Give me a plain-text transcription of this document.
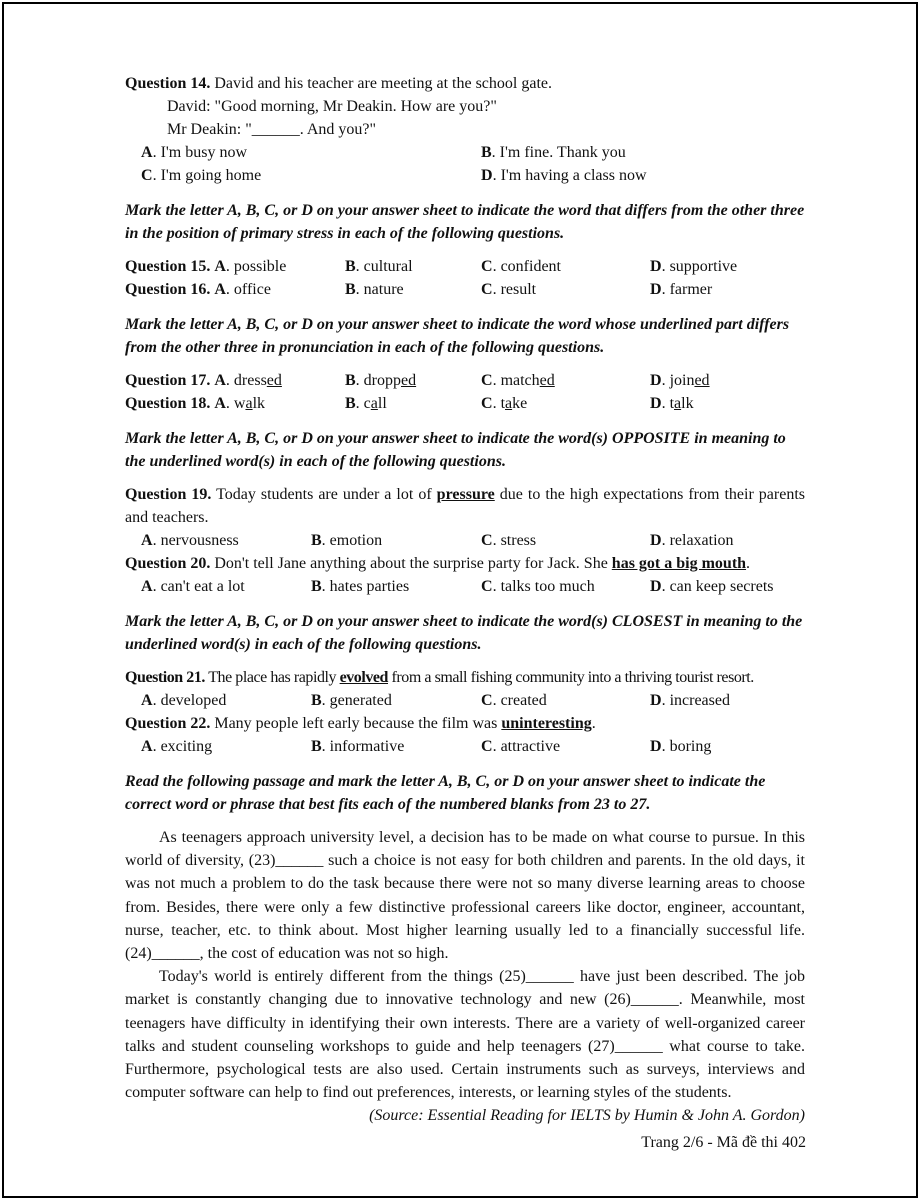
Question 14. David and his teacher are meeting at the school gate.
David: "Good morning, Mr Deakin. How are you?"
Mr Deakin: "______. And you?"
A. I'm busy now	B. I'm fine. Thank you
C. I'm going home	D. I'm having a class now
Mark the letter A, B, C, or D on your answer sheet to indicate the word that differs from the other three in the position of primary stress in each of the following questions.
Question 15. A. possible	B. cultural	C. confident	D. supportive
Question 16. A. office	B. nature	C. result	D. farmer
Mark the letter A, B, C, or D on your answer sheet to indicate the word whose underlined part differs from the other three in pronunciation in each of the following questions.
Question 17. A. dressed	B. dropped	C. matched	D. joined
Question 18. A. walk	B. call	C. take	D. talk
Mark the letter A, B, C, or D on your answer sheet to indicate the word(s) OPPOSITE in meaning to the underlined word(s) in each of the following questions.
Question 19. Today students are under a lot of pressure due to the high expectations from their parents and teachers.
A. nervousness	B. emotion	C. stress	D. relaxation
Question 20. Don't tell Jane anything about the surprise party for Jack. She has got a big mouth.
A. can't eat a lot	B. hates parties	C. talks too much	D. can keep secrets
Mark the letter A, B, C, or D on your answer sheet to indicate the word(s) CLOSEST in meaning to the underlined word(s) in each of the following questions.
Question 21. The place has rapidly evolved from a small fishing community into a thriving tourist resort.
A. developed	B. generated	C. created	D. increased
Question 22. Many people left early because the film was uninteresting.
A. exciting	B. informative	C. attractive	D. boring
Read the following passage and mark the letter A, B, C, or D on your answer sheet to indicate the correct word or phrase that best fits each of the numbered blanks from 23 to 27.

As teenagers approach university level, a decision has to be made on what course to pursue. In this world of diversity, (23)______ such a choice is not easy for both children and parents. In the old days, it was not much a problem to do the task because there were not so many diverse learning areas to choose from. Besides, there were only a few distinctive professional careers like doctor, engineer, accountant, nurse, teacher, etc. to think about. Most higher learning usually led to a financially successful life. (24)______, the cost of education was not so high.

Today's world is entirely different from the things (25)______ have just been described. The job market is constantly changing due to innovative technology and new (26)______. Meanwhile, most teenagers have difficulty in identifying their own interests. There are a variety of well-organized career talks and student counseling workshops to guide and help teenagers (27)______ what course to take. Furthermore, psychological tests are also used. Certain instruments such as surveys, interviews and computer software can help to find out preferences, interests, or learning styles of the students.

(Source: Essential Reading for IELTS by Humin & John A. Gordon)
Trang 2/6 - Mã đề thi 402
